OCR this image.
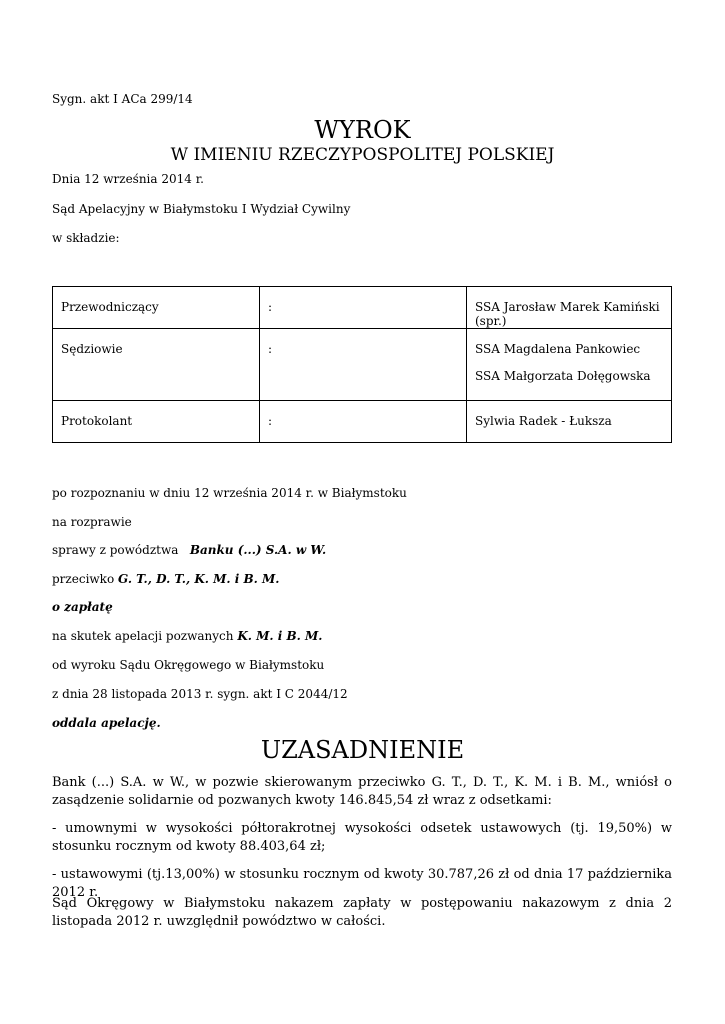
Sygn. akt I ACa 299/14
WYROK
W IMIENIU RZECZYPOSPOLITEJ POLSKIEJ
Dnia 12 września 2014 r.
Sąd Apelacyjny w Białymstoku I Wydział Cywilny
w składzie:
Przewodniczący	:	SSA Jarosław Marek Kamiński (spr.)

Sędziowie	:	SSA Magdalena Pankowiec
SSA Małgorzata Dołęgowska

Protokolant	:	Sylwia Radek - Łuksza
po rozpoznaniu w dniu 12 września 2014 r. w Białymstoku
na rozprawie
sprawy z powództwa Banku (...) S.A. w W.
przeciwko G. T., D. T., K. M. i B. M.
o zapłatę
na skutek apelacji pozwanych K. M. i B. M.
od wyroku Sądu Okręgowego w Białymstoku
z dnia 28 listopada 2013 r. sygn. akt I C 2044/12
oddala apelację.
UZASADNIENIE
Bank (...) S.A. w W., w pozwie skierowanym przeciwko G. T., D. T., K. M. i B. M., wniósł o zasądzenie solidarnie od pozwanych kwoty 146.845,54 zł wraz z odsetkami:
- umownymi w wysokości półtorakrotnej wysokości odsetek ustawowych (tj. 19,50%) w stosunku rocznym od kwoty 88.403,64 zł;
- ustawowymi (tj.13,00%) w stosunku rocznym od kwoty 30.787,26 zł od dnia 17 października 2012 r.
Sąd Okręgowy w Białymstoku nakazem zapłaty w postępowaniu nakazowym z dnia 2 listopada 2012 r. uwzględnił powództwo w całości.
